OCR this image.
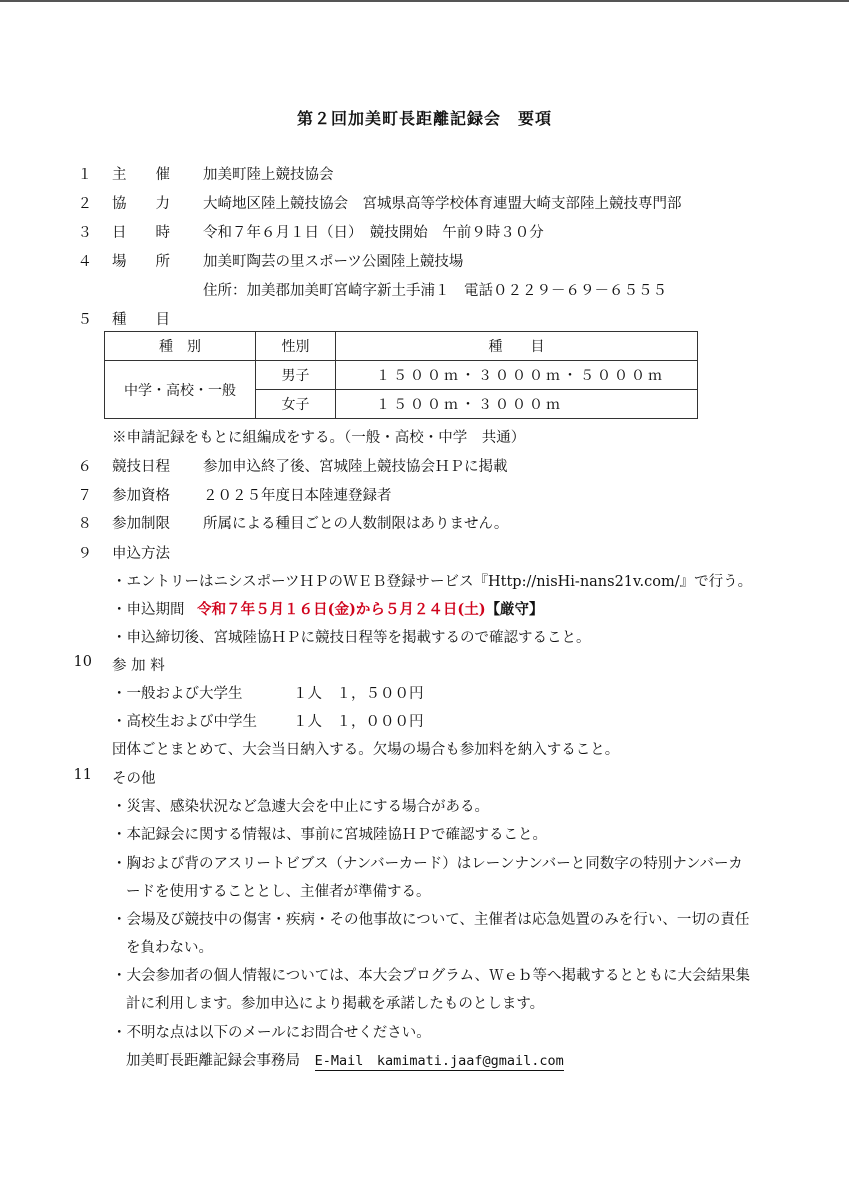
第２回加美町長距離記録会　要項
１ 主　　催 加美町陸上競技協会
２ 協　　力 大崎地区陸上競技協会　宮城県高等学校体育連盟大崎支部陸上競技専門部
３ 日　　時 令和７年６月１日（日）　競技開始　午前９時３０分
４ 場　　所 加美町陶芸の里スポーツ公園陸上競技場
住所：加美郡加美町宮崎字新土手浦１　電話０２２９－６９－６５５５
５ 種　　目
種　別	性別	種　　目
中学・高校・一般	男子	１５００ｍ・３０００ｍ・５０００ｍ
	女子	１５００ｍ・３０００ｍ
※申請記録をもとに組編成をする。（一般・高校・中学　共通）
６ 競技日程 参加申込終了後、宮城陸上競技協会ＨＰに掲載
７ 参加資格 ２０２５年度日本陸連登録者
８ 参加制限 所属による種目ごとの人数制限はありません。
９ 申込方法
・エントリーはニシスポーツＨＰのＷＥＢ登録サービス『Http://nisHi-nans21v.com/』で行う。
・申込期間 令和７年５月１６日(金)から５月２４日(土)【厳守】
・申込締切後、宮城陸協ＨＰに競技日程等を掲載するので確認すること。
10 参 加 料
・一般および大学生	１人　１，５００円
・高校生および中学生 １人　１，０００円
団体ごとまとめて、大会当日納入する。欠場の場合も参加料を納入すること。
11 その他
・災害、感染状況など急遽大会を中止にする場合がある。
・本記録会に関する情報は、事前に宮城陸協ＨＰで確認すること。
・胸および背のアスリートビブス（ナンバーカード）はレーンナンバーと同数字の特別ナンバーカ
ードを使用することとし、主催者が準備する。
・会場及び競技中の傷害・疾病・その他事故について、主催者は応急処置のみを行い、一切の責任
を負わない。
・大会参加者の個人情報については、本大会プログラム、Ｗｅｂ等へ掲載するとともに大会結果集
計に利用します。参加申込により掲載を承諾したものとします。
・不明な点は以下のメールにお問合せください。
加美町長距離記録会事務局 E-Mail　kamimati.jaaf@gmail.com
